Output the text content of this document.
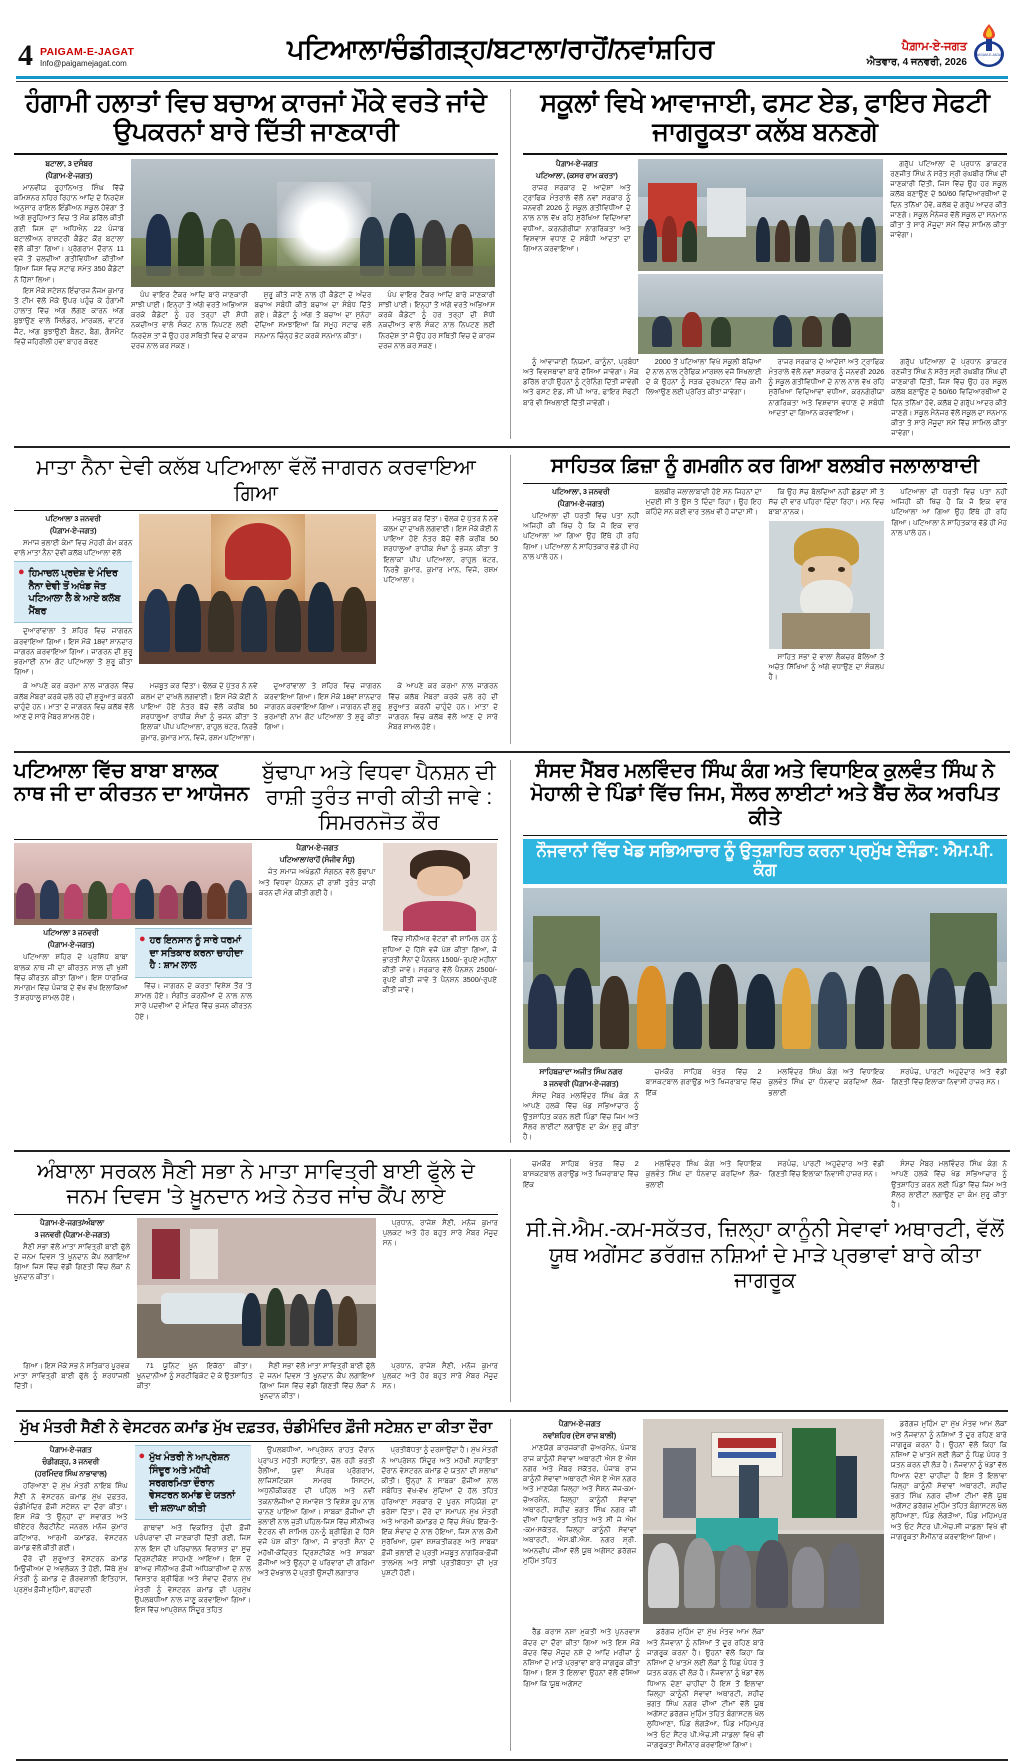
4 PAIGAM-E-JAGAT
Info@paigamejagat.com	ਪਟਿਆਲਾ/ਚੰਡੀਗੜ੍ਹ/ਬਟਾਲਾ/ਰਾਹੋਂ/ਨਵਾਂਸ਼ਹਿਰ	ਪੈਗ਼ਾਮ-ਏ-ਜਗਤ
ਐਤਵਾਰ, 4 ਜਨਵਰੀ, 2026
PAIGAM-E-JAGAT
ਹੰਗਾਮੀ ਹਲਾਤਾਂ ਵਿਚ ਬਚਾਅ ਕਾਰਜਾਂ ਮੌਕੇ ਵਰਤੇ ਜਾਂਦੇ ਉਪਕਰਨਾਂ ਬਾਰੇ ਦਿੱਤੀ ਜਾਣਕਾਰੀ
ਬਟਾਲਾ, 3 ਦਸੰਬਰ
(ਪੈਗ਼ਾਮ-ਏ-ਜਗਤ)

ਮਾਨਵੀਯ ਰੂਹਾਨਿਅਤ ਸਿੰਘ ਵਿੱਚੋਂ ਕਮਿਸ਼ਨਰ ਨਹਿਰ ਰਿਹਾਨ ਆਦਿ ਦੇ ਨਿਰਦੇਸ਼ ਅਨੁਸਾਰ ਰਾਇਲ ਇੰਡੀਅਨ ਸਕੂਲ ਹੋਵੇਗਾ ਤੋਂ ਅਗੇ ਸ਼ੁਰੂਹਿਆਤ ਵਿਚ 'ਤੇ ਮੌਕ ਡਰਿੱਲ ਕੀਤੀ ਗਈ ਜਿਸ ਦਾ ਅਧਿਐਨ 22 ਪੰਜਾਬ ਬਟਾਲੀਅਨ ਰਾਸ਼ਟਰੀ ਕੈਡੇਟ ਕੌਰ ਬਟਾਲਾ ਵੱਲੋਂ ਕੀਤਾ ਗਿਆ। ਪ੍ਰੋਗਰਾਮ ਦੌਰਾਨ 11 ਵਜੇ ਤੋਂ ਚਲਦੀਆਂ ਗਤੀਵਿਧੀਆਂ ਕੀਤੀਆਂ ਗਿਆ ਜਿਸ ਵਿਚ ਸਟਾਫ ਸਮੇਤ 350 ਕੈਡੇਟਾਂ ਨੇ ਹਿੱਸਾ ਲਿਆ।

ਇਸ ਮੌਕੇ ਸਟੇਸ਼ਨ ਇੰਚਾਰਜ ਨੌਜਮ ਕੁਮਾਰ ਤੇ ਟੀਮ ਵੱਲੋਂ ਮੌਕੇ ਉਪਰ ਪਹੁੰਚ ਕੇ ਹੰਗਾਮੀ ਹਾਲਾਤ ਵਿੱਚ ਅੱਗ ਲੱਗਣ ਕਾਰਨ ਅੱਗ ਬੁਝਾਉਣ ਵਾਲੇ ਸਿਲੰਡਰ, ਮਾਰਕਲ, ਵਾਟਰ ਜੈੱਟ, ਅੱਗ ਬੁਝਾਉਣੀ ਬੈਲਟ, ਬੈਗ, ਗੈਸਮੈਟ ਵਿਚੋਂ ਜਹਿਰੀਲੀ ਹਵਾ ਬਾਹਰ ਕੱਢਣ

ਪੰਪ ਵਾਇਰ ਟੈਂਕਰ ਆਦਿ ਬਾਰੇ ਜਾਣਕਾਰੀ ਸਾਂਝੀ ਪਾਈ। ਇਨ੍ਹਾਂ ਤੋਂ ਅੱਗੇ ਵਰਤੋਂ ਅਭਿਆਸ ਕਰਕੇ ਕੈਡੇਟਾਂ ਨੂੰ ਹਰ ਤਰ੍ਹਾਂ ਦੀ ਸ਼ੋਧੀ ਨਕਦੀਅਤ ਵਾਲੇ ਸੰਕਟ ਨਾਲ ਨਿਪਟਣ ਲਈ ਨਿਰਦੇਸ਼ ਤਾਂ ਜੋ ਉਹ ਹਰ ਸਥਿਤੀ ਵਿਚ ਦੇ ਕਾਰਜ ਦਰਜ਼ ਨਾਲ ਕਰ ਸਕਣ।

ਸ਼ੁਰੂ ਕੀਤੇ ਜਾਣੇ ਨਾਲ ਹੀ ਕੈਡੇਟਾਂ ਦੇ ਅੰਦਰ ਬਚਾਅ ਸਬੰਧੀ ਕੀਤੇ ਬਚਾਅ ਦਾ ਸੰਬੰਧ ਦਿੱਤੇ ਗਏ। ਕੈਡੇਟਾਂ ਨੂੰ ਅੱਗ ਤੋਂ ਬਚਾਅ ਦਾ ਸੁਨੇਹਾ ਦੇਂਦਿਆਂ ਸਮਝਾਇਆ ਕਿ ਸਮੂਹ ਸਟਾਫ ਵਲੋਂ ਸਨਮਾਨ ਚਿੰਨ੍ਹ ਭੇਟ ਕਰਕੇ ਸਨਮਾਨ ਕੀਤਾ।

ਪੰਪ ਵਾਇਰ ਟੈਂਕਰ ਆਦਿ ਬਾਰੇ ਜਾਣਕਾਰੀ ਸਾਂਝੀ ਪਾਈ। ਇਨ੍ਹਾਂ ਤੋਂ ਅੱਗੇ ਵਰਤੋਂ ਅਭਿਆਸ ਕਰਕੇ ਕੈਡੇਟਾਂ ਨੂੰ ਹਰ ਤਰ੍ਹਾਂ ਦੀ ਸ਼ੋਧੀ ਨਕਦੀਅਤ ਵਾਲੇ ਸੰਕਟ ਨਾਲ ਨਿਪਟਣ ਲਈ ਨਿਰਦੇਸ਼ ਤਾਂ ਜੋ ਉਹ ਹਰ ਸਥਿਤੀ ਵਿਚ ਦੇ ਕਾਰਜ ਦਰਜ਼ ਨਾਲ ਕਰ ਸਕਣ।

ਸਕੂਲਾਂ ਵਿਖੇ ਆਵਾਜਾਈ, ਫਸਟ ਏਡ, ਫਾਇਰ ਸੇਫਟੀ ਜਾਗਰੂਕਤਾ ਕਲੱਬ ਬਨਣਗੇ
ਪੈਗ਼ਾਮ-ਏ-ਜਗਤ
ਪਟਿਆਲਾ, (ਕਸਰ ਰਾਮ ਕਰਤਾ)

ਰਾਜਰ ਸਰਕਾਰ ਦੇ ਆਦੇਸ਼ਾਂ ਅਤੇ ਟ੍ਰਾਫਿਕ ਮੰਤਰਾਲੇ ਵੱਲੋਂ ਨਵਾਂ ਸਰਕਾਰ ਨੂੰ ਜਨਵਰੀ 2026 ਨੂੰ ਸਕੂਲ ਗਤੀਵਿਧੀਆਂ ਦੇ ਨਾਲ ਨਾਲ ਵੱਖ ਰਹਿ ਸੁਰੱਖਿਆ ਵਿਦਿਆਵਾਂ ਵਧੀਆ, ਕਰਨਗੇਰੀਯਾ ਨਾਗਰਿਕਤਾ ਅਤੇ ਵਿਸ਼ਵਾਸ ਵਧਾਣ ਦੇ ਸਬੰਧੀ ਆਦਤਾਂ ਦਾ ਗਿਆਨ ਕਰਵਾਇਆ।

ਗਰੁੱਪ ਪਟਿਆਲਾ ਦੇ ਪ੍ਰਧਾਨ ਡਾਕਟਰ ਰਣਜੀਤ ਸਿੰਘ ਨੇ ਸਰੋਤ ਸ੍ਰੀ ਰਘਬੀਰ ਸਿੰਘ ਦੀ ਜਾਣਕਾਰੀ ਦਿੱਤੀ, ਜਿਸ ਵਿੱਚ ਉਹ ਹਰ ਸਕੂਲ ਕਲੱਬ ਬਣਾਉਣ ਦੇ 50/60 ਵਿਦਿਆਰਥੀਆਂ ਦੇ ਦਿਨ ਤਨਿੱਖਾ ਹੋਵੇ, ਕਲੱਬ ਦੇ ਗਰੁੱਪ ਆਦਰ ਕੀਤੇ ਜਾਣਗੇ। ਸਕੂਲ ਮੈਨੇਜਰ ਵੱਲੋਂ ਸਕੂਲ ਦਾ ਸਨਮਾਨ ਕੀਤਾ ਤੇ ਸਾਰੇ ਮੌਜੂਦਾ ਸਮੇਂ ਵਿੱਚ ਸਾਮਿਲ ਕੀਤਾ ਜਾਵੇਗਾ।

ਨੂੰ ਆਵਾਜਾਈ ਨਿਯਮਾਂ, ਕਾਨੂੰਨਾਂ, ਪ੍ਰਬੰਧਾਂ ਅਤੇ ਵਿਵਸਥਾਵਾਂ ਬਾਰੇ ਦੱਸਿਆ ਜਾਵੇਗਾ। ਮੌਕ ਡਰਿੱਲ ਰਾਹੀਂ ਉਹਨਾਂ ਨੂੰ ਟ੍ਰੇਨਿੰਗ ਦਿੱਤੀ ਜਾਵੇਗੀ ਅਤੇ ਫਸਟ ਏਡ, ਸੀ ਪੀ ਆਰ, ਫਾਇਰ ਸੇਫਟੀ ਬਾਰੇ ਵੀ ਸਿਖਲਾਈ ਦਿੱਤੀ ਜਾਵੇਗੀ।

2000 ਤੋਂ ਪਟਿਆਲਾ ਵਿਖੇ ਸਕੂਲੀ ਬੱਚਿਆਂ ਦੇ ਨਾਲ ਨਾਲ ਟ੍ਰੈਫਿਕ ਮਾਰਸ਼ਲ ਵਜੋਂ ਸਿਖਲਾਈ ਦੇ ਕੇ ਉਹਨਾਂ ਨੂੰ ਸੜਕ ਦੁਰਘਟਨਾ ਵਿੱਚ ਕਮੀ ਲਿਆਉਣ ਲਈ ਪ੍ਰੇਰਿਤ ਕੀਤਾ ਜਾਵੇਗਾ।

ਰਾਜਰ ਸਰਕਾਰ ਦੇ ਆਦੇਸ਼ਾਂ ਅਤੇ ਟ੍ਰਾਫਿਕ ਮੰਤਰਾਲੇ ਵੱਲੋਂ ਨਵਾਂ ਸਰਕਾਰ ਨੂੰ ਜਨਵਰੀ 2026 ਨੂੰ ਸਕੂਲ ਗਤੀਵਿਧੀਆਂ ਦੇ ਨਾਲ ਨਾਲ ਵੱਖ ਰਹਿ ਸੁਰੱਖਿਆ ਵਿਦਿਆਵਾਂ ਵਧੀਆ, ਕਰਨਗੇਰੀਯਾ ਨਾਗਰਿਕਤਾ ਅਤੇ ਵਿਸ਼ਵਾਸ ਵਧਾਣ ਦੇ ਸਬੰਧੀ ਆਦਤਾਂ ਦਾ ਗਿਆਨ ਕਰਵਾਇਆ।

ਗਰੁੱਪ ਪਟਿਆਲਾ ਦੇ ਪ੍ਰਧਾਨ ਡਾਕਟਰ ਰਣਜੀਤ ਸਿੰਘ ਨੇ ਸਰੋਤ ਸ੍ਰੀ ਰਘਬੀਰ ਸਿੰਘ ਦੀ ਜਾਣਕਾਰੀ ਦਿੱਤੀ, ਜਿਸ ਵਿੱਚ ਉਹ ਹਰ ਸਕੂਲ ਕਲੱਬ ਬਣਾਉਣ ਦੇ 50/60 ਵਿਦਿਆਰਥੀਆਂ ਦੇ ਦਿਨ ਤਨਿੱਖਾ ਹੋਵੇ, ਕਲੱਬ ਦੇ ਗਰੁੱਪ ਆਦਰ ਕੀਤੇ ਜਾਣਗੇ। ਸਕੂਲ ਮੈਨੇਜਰ ਵੱਲੋਂ ਸਕੂਲ ਦਾ ਸਨਮਾਨ ਕੀਤਾ ਤੇ ਸਾਰੇ ਮੌਜੂਦਾ ਸਮੇਂ ਵਿੱਚ ਸਾਮਿਲ ਕੀਤਾ ਜਾਵੇਗਾ।

ਮਾਤਾ ਨੈਨਾ ਦੇਵੀ ਕਲੱਬ ਪਟਿਆਲਾ ਵੱਲੋਂ ਜਾਗਰਨ ਕਰਵਾਇਆ ਗਿਆ
ਪਟਿਆਲਾ 3 ਜਨਵਰੀ
(ਪੈਗ਼ਾਮ-ਏ-ਜਗਤ)

ਸਮਾਜ ਭਲਾਈ ਕੰਮਾਂ ਵਿਚ ਮੋਹਰੀ ਕੰਮ ਕਰਨ ਵਾਲੇ ਮਾਤਾ ਨੈਨਾ ਦੇਵੀ ਕਲੱਬ ਪਟਿਆਲਾ ਵੱਲੋਂ

● ਹਿਮਾਚਲ ਪ੍ਰਦੇਸ਼ ਦੇ ਮੰਦਿਰ ਨੈਨਾ ਦੇਵੀ ਤੋਂ ਅਖੰਡ ਜੋਤ ਪਟਿਆਲਾ ਲੈ ਕੇ ਆਏ ਕਲੱਬ ਮੈਂਬਰ

ਦੁਆਰਾਂਵਾਲਾ ਤੇ ਸ਼ਹਿਰ ਵਿਚ ਜਾਗਰਨ ਕਰਵਾਇਆ ਗਿਆ। ਇਸ ਮੌਕੇ 18ਵਾਂ ਸ਼ਾਨਦਾਰ ਜਾਗਰਨ ਕਰਵਾਇਆ ਗਿਆ। ਜਾਗਰਨ ਦੀ ਸ਼ੁਰੂ ਭਰਮਾਈ ਨਾਮ ਗੋਟ ਪਟਿਆਲਾ ਤੋਂ ਸ਼ੁਰੂ ਕੀਤਾ ਗਿਆ।

ਮਜ਼ਬੂਤ ਕਰ ਦਿੱਤਾ। ਢੋਲਕ ਦੇ ਪੁੱਤਰ ਨੇ ਨਵੇਂ ਕਲਮ ਦਾ ਦਾਖਲੇ ਲਗਵਾਈ। ਇਸ ਮੌਕੇ ਕੋਈ ਨੇ ਪਾਇਆ ਹੋਏ ਨੇਤਰ ਬੱਚੇ ਵੱਲੋਂ ਕਰੀਬ 50 ਸ਼ਰਧਾਲੂਆਂ ਰਾਧੀਕ ਸੰਖਾਂ ਨੂੰ ਭਜਨ ਕੀਤਾ ਤੇ ਇਲਾਕਾ ਪੀਪ ਪਟਿਆਲਾ, ਰਾਹੁਲ ਖੱਟਰ, ਨਿਰਭੈ ਕੁਮਾਰ, ਕੁਮਾਰ ਮਾਨ, ਵਿਜੇ, ਰਸ਼ਮ ਪਟਿਆਲਾ।

ਕੇ ਆਪਣੇ ਕਰ ਕਰਮਾ ਨਾਲ ਜਾਗਰਨ ਵਿੱਚ ਕਲੱਬ ਮੈਂਬਰਾਂ ਕਰਕੇ ਚਲੇ ਰਹੇ ਦੀ ਸ਼ੁਰੂਆਤ ਕਰਨੀ ਚਾਹੁੰਦੇ ਹਨ। ਮਾਤਾ ਦੇ ਜਾਗਰਨ ਵਿਚ ਕਲੱਬ ਵੱਲੋਂ ਆਣ ਦੇ ਸਾਰੇ ਮੈਂਬਰ ਸ਼ਾਮਲ ਹੋਏ।

ਮਜ਼ਬੂਤ ਕਰ ਦਿੱਤਾ। ਢੋਲਕ ਦੇ ਪੁੱਤਰ ਨੇ ਨਵੇਂ ਕਲਮ ਦਾ ਦਾਖਲੇ ਲਗਵਾਈ। ਇਸ ਮੌਕੇ ਕੋਈ ਨੇ ਪਾਇਆ ਹੋਏ ਨੇਤਰ ਬੱਚੇ ਵੱਲੋਂ ਕਰੀਬ 50 ਸ਼ਰਧਾਲੂਆਂ ਰਾਧੀਕ ਸੰਖਾਂ ਨੂੰ ਭਜਨ ਕੀਤਾ ਤੇ ਇਲਾਕਾ ਪੀਪ ਪਟਿਆਲਾ, ਰਾਹੁਲ ਖੱਟਰ, ਨਿਰਭੈ ਕੁਮਾਰ, ਕੁਮਾਰ ਮਾਨ, ਵਿਜੇ, ਰਸ਼ਮ ਪਟਿਆਲਾ।

ਦੁਆਰਾਂਵਾਲਾ ਤੇ ਸ਼ਹਿਰ ਵਿਚ ਜਾਗਰਨ ਕਰਵਾਇਆ ਗਿਆ। ਇਸ ਮੌਕੇ 18ਵਾਂ ਸ਼ਾਨਦਾਰ ਜਾਗਰਨ ਕਰਵਾਇਆ ਗਿਆ। ਜਾਗਰਨ ਦੀ ਸ਼ੁਰੂ ਭਰਮਾਈ ਨਾਮ ਗੋਟ ਪਟਿਆਲਾ ਤੋਂ ਸ਼ੁਰੂ ਕੀਤਾ ਗਿਆ।

ਕੇ ਆਪਣੇ ਕਰ ਕਰਮਾ ਨਾਲ ਜਾਗਰਨ ਵਿੱਚ ਕਲੱਬ ਮੈਂਬਰਾਂ ਕਰਕੇ ਚਲੇ ਰਹੇ ਦੀ ਸ਼ੁਰੂਆਤ ਕਰਨੀ ਚਾਹੁੰਦੇ ਹਨ। ਮਾਤਾ ਦੇ ਜਾਗਰਨ ਵਿਚ ਕਲੱਬ ਵੱਲੋਂ ਆਣ ਦੇ ਸਾਰੇ ਮੈਂਬਰ ਸ਼ਾਮਲ ਹੋਏ।

ਸਾਹਿਤਕ ਫ਼ਿਜ਼ਾ ਨੂੰ ਗਮਗੀਨ ਕਰ ਗਿਆ ਬਲਬੀਰ ਜਲਾਲਾਬਾਦੀ
ਪਟਿਆਲਾ, 3 ਜਨਵਰੀ
(ਪੈਗ਼ਾਮ-ਏ-ਜਗਤ)

ਪਟਿਆਲਾ ਦੀ ਧਰਤੀ ਵਿਚ ਪਤਾ ਨਹੀਂ ਅਜਿਹੀ ਕੀ ਖਿੱਚ ਹੈ ਕਿ ਜੋ ਇਕ ਵਾਰ ਪਟਿਆਲਾ ਆ ਗਿਆ ਉਹ ਇੱਥੇ ਹੀ ਰਹਿ ਗਿਆ। ਪਟਿਆਲਾ ਨੇ ਸਾਹਿਤਕਾਰ ਵੱਡੇ ਹੀ ਮੋਹ ਨਾਲ ਪਾਲੇ ਹਨ।

ਬਲਬੀਰ ਜਲਾਲਾਬਾਦੀ ਹੋਏ ਸਨ ਜਿਹਨਾਂ ਦਾ ਮੁਦਈ ਸੀ ਤੇ ਉਸ ਤੇ ਦਿੰਦਾ ਰਿਹਾ। ਉਹ ਇਹ ਕਹਿੰਦੇ ਸਨ ਕਈ ਵਾਰ ਤਲਖ਼ ਵੀ ਹੋ ਜਾਂਦਾ ਸੀ।

ਕਿ ਉਹ ਸੱਚ ਬੋਲਦਿਆਂ ਨਹੀਂ ਛੱਡਦਾ ਸੀ ਤੇ ਸੱਚ ਦੀ ਵਾਰ ਪਹਿਰਾ ਦਿੰਦਾ ਰਿਹਾ। ਮਨ ਵਿਚ ਬਾਬਾ ਨਾਨਕ।

ਸਾਹਿਤ ਸਭਾ ਦੇ ਵਾਲਾ ਲੈਕਚਰ ਬੋਲਿਆਂ ਤੋਂ ਅਚੇਤ ਸਿੱਖਿਆ ਨੂੰ ਅੱਗੇ ਵਧਾਉਣ ਦਾ ਸੰਕਲਪ ਹੈ।

ਪਟਿਆਲਾ ਦੀ ਧਰਤੀ ਵਿਚ ਪਤਾ ਨਹੀਂ ਅਜਿਹੀ ਕੀ ਖਿੱਚ ਹੈ ਕਿ ਜੋ ਇਕ ਵਾਰ ਪਟਿਆਲਾ ਆ ਗਿਆ ਉਹ ਇੱਥੇ ਹੀ ਰਹਿ ਗਿਆ। ਪਟਿਆਲਾ ਨੇ ਸਾਹਿਤਕਾਰ ਵੱਡੇ ਹੀ ਮੋਹ ਨਾਲ ਪਾਲੇ ਹਨ।

ਪਟਿਆਲਾ ਵਿੱਚ ਬਾਬਾ ਬਾਲਕ ਨਾਥ ਜੀ ਦਾ ਕੀਰਤਨ ਦਾ ਆਯੋਜਨ
ਬੁੱਢਾਪਾ ਅਤੇ ਵਿਧਵਾ ਪੈਨਸ਼ਨ ਦੀ ਰਾਸ਼ੀ ਤੁਰੰਤ ਜਾਰੀ ਕੀਤੀ ਜਾਵੇ : ਸਿਮਰਨਜੋਤ ਕੌਰ
ਪਟਿਆਲਾ 3 ਜਨਵਰੀ
(ਪੈਗ਼ਾਮ-ਏ-ਜਗਤ)

ਪਟਿਆਲਾ ਸ਼ਹਿਰ ਦੇ ਪ੍ਰਸਿੱਧ ਬਾਬਾ ਬਾਲਕ ਨਾਥ ਜੀ ਦਾ ਕੀਰਤਨ ਸਾਲ ਦੀ ਖੁਸ਼ੀ ਵਿੱਚ ਕੀਰਤਨ ਕੀਤਾ ਗਿਆ। ਇਸ ਧਾਰਮਿਕ ਸਮਾਗਮ ਵਿੱਚ ਪੰਜਾਬ ਦੇ ਵੱਖ ਵੱਖ ਇਲਾਕਿਆਂ ਤੋਂ ਸ਼ਰਧਾਲੂ ਸ਼ਾਮਲ ਹੋਏ।

● ਹਰ ਇਨਸਾਨ ਨੂੰ ਸਾਰੇ ਧਰਮਾਂ ਦਾ ਸਤਿਕਾਰ ਕਰਨਾ ਚਾਹੀਦਾ ਹੈ : ਸ਼ਾਮ ਲਾਲ

ਵਿੱਚ। ਜਾਗਰਨ ਦੇ ਕਰਤਾ ਵਿਸ਼ੇਸ਼ ਤੌਰ 'ਤੇ ਸ਼ਾਮਲ ਹੋਏ। ਸੰਗੀਤ ਕਰਨੀਆਂ ਦੇ ਨਾਲ ਨਾਲ ਸਾਰੇ ਪਦਵੀਆਂ ਦੇ ਮੰਦਿਰ ਵਿੱਚ ਭਜਨ ਕੀਰਤਨ ਹੋਏ।

ਪੈਗ਼ਾਮ-ਏ-ਜਗਤ
ਪਟਿਆਲਾ/ਰਾਹੋਂ (ਸੰਜੀਵ ਸੰਧੂ)

ਜੰਤ ਸਮਾਜ ਅਖੰਡਨੀ ਸੰਗਠਨ ਵੱਲੋਂ ਬੁੱਢਾਪਾ ਅਤੇ ਵਿਧਵਾ ਪੈਨਸ਼ਨ ਦੀ ਰਾਸ਼ੀ ਤੁਰੰਤ ਜਾਰੀ ਕਰਨ ਦੀ ਮੰਗ ਕੀਤੀ ਗਈ ਹੈ।

ਵਿੱਚ ਸੀਨੀਅਰ ਵੋਟਰਾਂ ਵੀ ਸ਼ਾਮਿਲ ਹਨ ਨੂੰ ਸ਼ੁਧਿਆ ਦੇ ਹਿੱਸੇ ਵਜੋਂ ਪੇਸ਼ ਕੀਤਾ ਗਿਆ, ਜੋ ਭਾਰਤੀ ਸੈਨਾ ਦੇ ਪੈਨਸ਼ਨ 1500/- ਰੁਪਏ ਮਹੀਨਾ ਕੀਤੀ ਜਾਵੇ। ਸਰਕਾਰ ਵੱਲੋਂ ਪੈਨਸ਼ਨ 2500/- ਰੁਪਏ ਕੀਤੀ ਜਾਵੇ ਤੇ ਪੈਨਸ਼ਨ 3500/-ਰੁਪਏ ਕੀਤੀ ਜਾਵੇ।

ਸੰਸਦ ਮੈਂਬਰ ਮਲਵਿੰਦਰ ਸਿੰਘ ਕੰਗ ਅਤੇ ਵਿਧਾਇਕ ਕੁਲਵੰਤ ਸਿੰਘ ਨੇ ਮੋਹਾਲੀ ਦੇ ਪਿੰਡਾਂ ਵਿੱਚ ਜਿਮ, ਸੌਲਰ ਲਾਈਟਾਂ ਅਤੇ ਬੈਂਚ ਲੋਕ ਅਰਪਿਤ ਕੀਤੇ
ਨੌਜਵਾਨਾਂ ਵਿੱਚ ਖੇਡ ਸਭਿਆਚਾਰ ਨੂੰ ਉਤਸ਼ਾਹਿਤ ਕਰਨਾ ਪ੍ਰਮੁੱਖ ਏਜੰਡਾ: ਐਮ.ਪੀ. ਕੰਗ
ਸਾਹਿਬਜ਼ਾਦਾ ਅਜੀਤ ਸਿੰਘ ਨਗਰ
3 ਜਨਵਰੀ (ਪੈਗ਼ਾਮ-ਏ-ਜਗਤ)

ਸੰਸਦ ਮੈਂਬਰ ਮਲਵਿੰਦਰ ਸਿੰਘ ਕੰਗ ਨੇ ਆਪਣੇ ਹਲਕੇ ਵਿੱਚ ਖੇਡ ਸਭਿਆਚਾਰ ਨੂੰ ਉਤਸ਼ਾਹਿਤ ਕਰਨ ਲਈ ਪਿੰਡਾਂ ਵਿੱਚ ਜਿਮ ਅਤੇ ਸੌਲਰ ਲਾਈਟਾਂ ਲਗਾਉਣ ਦਾ ਕੰਮ ਸ਼ੁਰੂ ਕੀਤਾ ਹੈ।

ਚਮਕੌਰ ਸਾਹਿਬ ਖੇਤਰ ਵਿੱਚ 2 ਬਾਸਕਟਬਾਲ ਗਰਾਉਂਡ ਅਤੇ ਖਿਜਰਾਬਾਦ ਵਿੱਚ ਇੱਕ

ਮਲਵਿੰਦਰ ਸਿੰਘ ਕੰਗ ਅਤੇ ਵਿਧਾਇਕ ਕੁਲਵੰਤ ਸਿੰਘ ਦਾ ਧੰਨਵਾਦ ਕਰਦਿਆਂ ਲੋਕ-ਭਲਾਈ

ਸਰਪੰਚ, ਪਾਰਟੀ ਅਹੁਦੇਦਾਰ ਅਤੇ ਵੱਡੀ ਗਿਣਤੀ ਵਿੱਚ ਇਲਾਕਾ ਨਿਵਾਸੀ ਹਾਜ਼ਰ ਸਨ।

ਅੰਬਾਲਾ ਸਰਕਲ ਸੈਣੀ ਸਭਾ ਨੇ ਮਾਤਾ ਸਾਵਿਤ੍ਰੀ ਬਾਈ ਫੁੱਲੇ ਦੇ ਜਨਮ ਦਿਵਸ 'ਤੇ ਖ਼ੂਨਦਾਨ ਅਤੇ ਨੇਤਰ ਜਾਂਚ ਕੈਂਪ ਲਾਏ
ਪੈਗ਼ਾਮ-ਏ-ਜਗਤ/ਅੰਬਾਲਾ
3 ਜਨਵਰੀ (ਪੈਗ਼ਾਮ-ਏ-ਜਗਤ)

ਸੈਣੀ ਸਭਾ ਵੱਲੋਂ ਮਾਤਾ ਸਾਵਿਤ੍ਰੀ ਬਾਈ ਫੁੱਲੇ ਦੇ ਜਨਮ ਦਿਵਸ 'ਤੇ ਖੂਨਦਾਨ ਕੈਂਪ ਲਗਾਇਆ ਗਿਆ ਜਿਸ ਵਿੱਚ ਵੱਡੀ ਗਿਣਤੀ ਵਿੱਚ ਲੋਕਾਂ ਨੇ ਖੂਨਦਾਨ ਕੀਤਾ।

ਪ੍ਰਧਾਨ, ਰਾਜੇਸ਼ ਸੈਣੀ, ਮਨੋਜ ਕੁਮਾਰ ਪੁਲਕਟ ਅਤੇ ਹੋਰ ਬਹੁਤ ਸਾਰੇ ਮੈਂਬਰ ਮੌਜੂਦ ਸਨ।

ਗਿਆ। ਇਸ ਮੌਕੇ ਸਭ ਨੇ ਸਤਿਕਾਰ ਪੂਰਵਕ ਮਾਤਾ ਸਾਵਿਤ੍ਰੀ ਬਾਈ ਫੁੱਲੇ ਨੂੰ ਸ਼ਰਧਾਂਜਲੀ ਦਿੱਤੀ।

71 ਯੂਨਿਟ ਖੂਨ ਇਕੱਠਾ ਕੀਤਾ। ਖੂਨਦਾਨੀਆਂ ਨੂੰ ਸਰਟੀਫਿਕੇਟ ਦੇ ਕੇ ਉਤਸ਼ਾਹਿਤ ਕੀਤਾ

ਸੈਣੀ ਸਭਾ ਵੱਲੋਂ ਮਾਤਾ ਸਾਵਿਤ੍ਰੀ ਬਾਈ ਫੁੱਲੇ ਦੇ ਜਨਮ ਦਿਵਸ 'ਤੇ ਖੂਨਦਾਨ ਕੈਂਪ ਲਗਾਇਆ ਗਿਆ ਜਿਸ ਵਿੱਚ ਵੱਡੀ ਗਿਣਤੀ ਵਿੱਚ ਲੋਕਾਂ ਨੇ ਖੂਨਦਾਨ ਕੀਤਾ।

ਪ੍ਰਧਾਨ, ਰਾਜੇਸ਼ ਸੈਣੀ, ਮਨੋਜ ਕੁਮਾਰ ਪੁਲਕਟ ਅਤੇ ਹੋਰ ਬਹੁਤ ਸਾਰੇ ਮੈਂਬਰ ਮੌਜੂਦ ਸਨ।

ਚਮਕੌਰ ਸਾਹਿਬ ਖੇਤਰ ਵਿੱਚ 2 ਬਾਸਕਟਬਾਲ ਗਰਾਉਂਡ ਅਤੇ ਖਿਜਰਾਬਾਦ ਵਿੱਚ ਇੱਕ

ਮਲਵਿੰਦਰ ਸਿੰਘ ਕੰਗ ਅਤੇ ਵਿਧਾਇਕ ਕੁਲਵੰਤ ਸਿੰਘ ਦਾ ਧੰਨਵਾਦ ਕਰਦਿਆਂ ਲੋਕ-ਭਲਾਈ

ਸਰਪੰਚ, ਪਾਰਟੀ ਅਹੁਦੇਦਾਰ ਅਤੇ ਵੱਡੀ ਗਿਣਤੀ ਵਿੱਚ ਇਲਾਕਾ ਨਿਵਾਸੀ ਹਾਜ਼ਰ ਸਨ।

ਸੰਸਦ ਮੈਂਬਰ ਮਲਵਿੰਦਰ ਸਿੰਘ ਕੰਗ ਨੇ ਆਪਣੇ ਹਲਕੇ ਵਿੱਚ ਖੇਡ ਸਭਿਆਚਾਰ ਨੂੰ ਉਤਸ਼ਾਹਿਤ ਕਰਨ ਲਈ ਪਿੰਡਾਂ ਵਿੱਚ ਜਿਮ ਅਤੇ ਸੌਲਰ ਲਾਈਟਾਂ ਲਗਾਉਣ ਦਾ ਕੰਮ ਸ਼ੁਰੂ ਕੀਤਾ ਹੈ।

ਸੀ.ਜੇ.ਐਮ.-ਕਮ-ਸਕੱਤਰ, ਜ਼ਿਲ੍ਹਾ ਕਾਨੂੰਨੀ ਸੇਵਾਵਾਂ ਅਥਾਰਟੀ, ਵੱਲੋਂ ਯੂਥ ਅਗੇਂਸਟ ਡਰੱਗਜ਼ ਨਸ਼ਿਆਂ ਦੇ ਮਾੜੇ ਪ੍ਰਭਾਵਾਂ ਬਾਰੇ ਕੀਤਾ ਜਾਗਰੂਕ
ਮੁੱਖ ਮੰਤਰੀ ਸੈਣੀ ਨੇ ਵੇਸਟਰਨ ਕਮਾਂਡ ਮੁੱਖ ਦਫ਼ਤਰ, ਚੰਡੀਮੰਦਿਰ ਫ਼ੌਜੀ ਸਟੇਸ਼ਨ ਦਾ ਕੀਤਾ ਦੌਰਾ
ਪੈਗ਼ਾਮ-ਏ-ਜਗਤ
ਚੰਡੀਗੜ੍ਹ, 3 ਜਨਵਰੀ
(ਹਰਮਿੰਦਰ ਸਿੰਘ ਨਾਭਾਵਾਲ)

ਹਰਿਆਣਾ ਦੇ ਮੁੱਖ ਮੰਤਰੀ ਨਾਇਬ ਸਿੰਘ ਸੈਣੀ ਨੇ ਵੇਸਟਰਨ ਕਮਾਂਡ ਮੁੱਖ ਦਫ਼ਤਰ, ਚੰਡੀਮੰਦਿਰ ਫ਼ੌਜੀ ਸਟੇਸ਼ਨ ਦਾ ਦੌਰਾ ਕੀਤਾ। ਇਸ ਮੌਕੇ 'ਤੇ ਉਨ੍ਹਾਂ ਦਾ ਸਵਾਗਤ ਅਤੇ ਥੀਏਟਰ ਲੈਫਟੀਨੈਂਟ ਜਨਰਲ ਮਨੋਜ ਕੁਮਾਰ ਕਟਿਆਰ, ਆਰਮੀ ਕਮਾਂਡਰ, ਵੇਸਟਰਨ ਕਮਾਂਡ ਵੱਲੋਂ ਕੀਤੀ ਗਈ।

ਦੌਰੇ ਦੀ ਸ਼ੁਰੂਆਤ ਵੇਸਟਰਨ ਕਮਾਂਡ ਮਿਊਜ਼ੀਅਮ ਦੇ ਅਵਲੋਕਨ ਤੋਂ ਹੋਈ, ਜਿੱਥੇ ਮੁੱਖ ਮੰਤਰੀ ਨੂੰ ਕਮਾਂਡ ਦੇ ਗੌਰਵਸ਼ਾਲੀ ਇਤਿਹਾਸ, ਪ੍ਰਮੁੱਖ ਫ਼ੌਜੀ ਮੁਹਿੰਮਾਂ, ਬਹਾਦਰੀ

● ਮੁੱਖ ਮੰਤਰੀ ਨੇ ਆਪ੍ਰੇਸ਼ਨ ਸਿੰਦੂਰ ਅਤੇ ਮਹੱਖੀ ਸਰਗਰਮਿਤਾ ਦੌਰਾਨ ਵੇਸਟਰਨ ਕਮਾਂਡ ਦੇ ਯਤਨਾਂ ਦੀ ਸ਼ਲਾਘਾ ਕੀਤੀ

ਗਾਥਾਵਾਂ ਅਤੇ ਵਿਕਸਿਤ ਹੁੰਦੀ ਫ਼ੌਜੀ ਪਰੰਪਰਾਵਾਂ ਦੀ ਜਾਣਕਾਰੀ ਦਿੱਤੀ ਗਈ, ਜਿਸ ਨਾਲ ਇਸ ਦੀ ਪਰਿਚਾਲਨ ਵਿਰਾਸਤ ਦਾ ਸੂਚ ਦ੍ਰਿਸ਼ਟੀਕੋਣ ਸਾਹਮਣੇ ਆਇਆ। ਇਸ ਦੇ ਬਾਅਦ ਸੀਨੀਅਰ ਫ਼ੌਜੀ ਅਧਿਕਾਰੀਆਂ ਦੇ ਨਾਲ ਵਿਸਤਾਰ ਬ੍ਰੀਫਿੰਗ ਅਤੇ ਸੰਵਾਦ ਦੌਰਾਨ ਮੁੱਖ ਮੰਤਰੀ ਨੂੰ ਵੇਸਟਰਨ ਕਮਾਂਡ ਦੀ ਪ੍ਰਮੁੱਖ ਉਪਲਬਧੀਆਂ ਨਾਲ ਜਾਣੂ ਕਰਵਾਇਆ ਗਿਆ। ਇਸ ਵਿੱਚ ਆਪ੍ਰੇਸ਼ਨ ਸਿੰਦੂਰ ਤਹਿਤ

ਉਪਲਬਧੀਆਂ, ਆਪ੍ਰੇਸ਼ਨ ਰਾਹਤ ਦੌਰਾਨ ਪ੍ਰਾਪਤ ਮਹੱਤੀ ਸਹਾਇਤਾ, ਚੱਲ ਰਹੀ ਭਰਤੀ ਰੈਲੀਆਂ, ਯੁਵਾ ਸੰਪਰਕ ਪ੍ਰੋਗਰਾਮ, ਲਾਜਿਸਟਿਕਸ ਸਮਰਥ ਸਿਸਟਮ, ਅਧੁਨੀਕੀਕਰਣ ਦੀ ਪਹਿਲ ਅਤੇ ਨਵੀਂ ਤਕਨਾਲੋਜੀਆਂ ਦੇ ਸਮਾਵੇਸ਼ 'ਤੇ ਵਿਸ਼ੇਸ਼ ਰੂਪ ਨਾਲ ਚਾਨਣ ਪਾਇਆ ਗਿਆ। ਸਾਬਕਾ ਫ਼ੌਜੀਆਂ ਦੀ ਭਲਾਈ ਨਾਲ ਜੁੜੀ ਪਹਿਲ-ਜਿਸ ਵਿੱਚ ਸੀਨੀਅਰ ਵੈਟਰਨ ਵੀ ਸ਼ਾਮਿਲ ਹਨ-ਨੂੰ ਬ੍ਰੀਫਿੰਗ ਦੇ ਹਿੱਸੇ ਵਜੋਂ ਪੇਸ਼ ਕੀਤਾ ਗਿਆ, ਜੋ ਭਾਰਤੀ ਸੈਨਾ ਦੇ ਮਹੱਖੀ-ਕੇਂਦ੍ਰਿਤ ਦ੍ਰਿਸ਼ਟੀਕੋਣ ਅਤੇ ਸਾਬਕਾ ਫ਼ੌਜੀਆਂ ਅਤੇ ਉਨ੍ਹਾਂ ਦੇ ਪਰਿਵਾਰਾਂ ਦੀ ਗਰਿਮਾ ਅਤੇ ਦੇਖਭਾਲ ਦੇ ਪ੍ਰਤੀ ਉਸਦੀ ਲਗਾਤਾਰ

ਪ੍ਰਤੀਬੱਧਤਾ ਨੂੰ ਦਰਸਾਉਂਦਾ ਹੈ। ਮੁੱਖ ਮੰਤਰੀ ਨੇ ਆਪ੍ਰੇਸ਼ਨ ਸਿੰਦੂਰ ਅਤੇ ਮਹੱਖੀ ਸਹਾਇਤਾ ਦੌਰਾਨ ਵੇਸਟਰਨ ਕਮਾਂਡ ਦੇ ਯਤਨਾਂ ਦੀ ਸ਼ਲਾਘਾ ਕੀਤੀ। ਉਨ੍ਹਾਂ ਨੇ ਸਾਬਕਾ ਫ਼ੌਜੀਆਂ ਨਾਲ ਸਬੰਧਿਤ ਵੱਖ-ਵੱਖ ਮੁੱਦਿਆਂ ਦੇ ਹੱਲ ਤਹਿਤ ਹਰਿਆਣਾ ਸਰਕਾਰ ਦੇ ਪੂਰਨ ਸਹਿਯੋਗ ਦਾ ਭਰੋਸਾ ਦਿੱਤਾ। ਦੌਰੇ ਦਾ ਸਮਾਪਨ ਮੁੱਖ ਮੰਤਰੀ ਅਤੇ ਆਰਮੀ ਕਮਾਂਡਰ ਦੇ ਵਿੱਚ ਸੰਖੇਪ ਇੱਕ-ਤੋਂ-ਇੱਕ ਸੰਵਾਦ ਦੇ ਨਾਲ ਹੋਇਆ, ਜਿਸ ਨਾਲ ਕੌਮੀ ਸੁਰੱਖਿਆ, ਯੁਵਾ ਸ਼ਸਕਤੀਕਰਣ ਅਤੇ ਸਾਬਕਾ ਫ਼ੌਜੀ ਭਲਾਈ ਦੇ ਪ੍ਰਤੀ ਮਜ਼ਬੂਤ ਨਾਗਰਿਕ-ਫ਼ੌਜੀ ਤਾਲਮੇਲ ਅਤੇ ਸਾਂਝੀ ਪ੍ਰਤੀਬੱਧਤਾ ਦੀ ਮੁੜ ਪੁਸ਼ਟੀ ਹੋਈ।

ਪੈਗ਼ਾਮ-ਏ-ਜਗਤ
ਨਵਾਂਸ਼ਹਿਰ (ਦੇਸ ਰਾਜ ਬਾਲੀ)

ਮਾਣਯੋਗ ਕਾਰਜਕਾਰੀ ਚੇਅਰਮੈਨ, ਪੰਜਾਬ ਰਾਜ ਕਾਨੂੰਨੀ ਸੇਵਾਵਾਂ ਅਥਾਰਟੀ ਐਸ ਏ ਐਸ ਨਗਰ ਅਤੇ ਮੈਂਬਰ ਸਕੱਤਰ, ਪੰਜਾਬ ਰਾਜ ਕਾਨੂੰਨੀ ਸੇਵਾਵਾਂ ਅਥਾਰਟੀ ਐਸ ਏ ਐਸ ਨਗਰ ਅਤੇ ਮਾਣਯੋਗ ਜ਼ਿਲ੍ਹਾ ਅਤੇ ਸੈਸ਼ਨ ਜੱਜ-ਕਮ-ਚੇਅਰਮੈਨ, ਜ਼ਿਲ੍ਹਾ ਕਾਨੂੰਨੀ ਸੇਵਾਵਾਂ ਅਥਾਰਟੀ, ਸ਼ਹੀਦ ਭਗਤ ਸਿੰਘ ਨਗਰ ਜੀ ਦੀਆਂ ਹਿਦਾਇਤਾਂ ਤਹਿਤ ਅਤੇ ਸੀ ਜੇ ਐਮ -ਕਮ-ਸਕੱਤਰ, ਜ਼ਿਲ੍ਹਾ ਕਾਨੂੰਨੀ ਸੇਵਾਵਾਂ ਅਥਾਰਟੀ, ਐਸ.ਬੀ.ਐਸ. ਨਗਰ ਸ਼੍ਰੀ. ਅਮਨਦੀਪ ਜੀਆਂ ਵੱਲੋਂ ਯੂਥ ਅਗੇਂਸਟ ਡਰੱਗਜ਼ ਮੁਹਿੰਮ ਤਹਿਤ

ਡਰੱਗਜ਼ ਮੁਹਿੰਮ ਦਾ ਮੁੱਖ ਮੰਤਵ ਆਮ ਲੋਕਾਂ ਅਤੇ ਨੌਜਵਾਨਾਂ ਨੂੰ ਨਸ਼ਿਆਂ ਤੋਂ ਦੂਰ ਰਹਿਣ ਬਾਰੇ ਜਾਗਰੂਕ ਕਰਨਾ ਹੈ। ਉਹਨਾਂ ਵੱਲੋਂ ਕਿਹਾ ਕਿ ਨਸ਼ਿਆਂ ਦੇ ਖਾਤਮੇ ਲਈ ਲੋਕਾਂ ਨੂੰ ਪਿੱਛ ਪੰਧਰ ਤੇ ਯਤਨ ਕਰਨ ਦੀ ਲੋੜ ਹੈ। ਨੌਜਵਾਨਾਂ ਨੂੰ ਖੇਡਾਂ ਵੱਲ ਧਿਆਨ ਦੇਣਾ ਚਾਹੀਦਾ ਹੈ ਇਸ ਤੋਂ ਇਲਾਵਾ ਜ਼ਿਲ੍ਹਾ ਕਾਨੂੰਨੀ ਸੇਵਾਵਾਂ ਅਥਾਰਟੀ, ਸ਼ਹੀਦ ਭਗਤ ਸਿੰਘ ਨਗਰ ਦੀਆਂ ਟੀਮਾਂ ਵੱਲੋਂ ਯੂਥ ਅਗੇਂਸਟ ਡਰੱਗਜ਼ ਮੁਹਿੰਮ ਤਹਿਤ ਬੰਗਾਸਟਲ ਖੇਲ ਲੁਧਿਆਣਾ, ਪਿੰਡ ਲੰਗੜੋਆ, ਪਿੰਡ ਮਹਿਮਪੁਰ ਅਤੇ ਓਟ ਸੈਂਟਰ ਪੀ.ਐਚ.ਸੀ ਜਾਡਲਾ ਵਿਖੇ ਵੀ ਜਾਗਰੂਕਤਾ ਸੈਮੀਨਾਰ ਕਰਵਾਇਆ ਗਿਆ।

ਰੈੱਡ ਕਰਾਸ ਨਸ਼ਾ ਮੁਕਤੀ ਅਤੇ ਪੁਨਰਵਾਸ ਕੇਂਦਰ ਦਾ ਦੌਰਾ ਕੀਤਾ ਗਿਆ ਅਤੇ ਇਸ ਮੌਕੇ ਕੇਂਦਰ ਵਿੱਚ ਮੌਜੂਦ ਨਸ਼ੇ ਦੇ ਆਦਿ ਮਰੀਜ਼ਾਂ ਨੂੰ ਨਸ਼ਿਆਂ ਦੇ ਮਾੜੇ ਪ੍ਰਭਾਵਾਂ ਬਾਰੇ ਜਾਗਰੂਕ ਕੀਤਾ ਗਿਆ। ਇਸ ਤੋਂ ਇਲਾਵਾ ਉਹਨਾਂ ਵੱਲੋਂ ਦੱਸਿਆ ਗਿਆ ਕਿ 'ਯੂਥ ਅਗੇਂਸਟ

ਡਰੱਗਜ਼ ਮੁਹਿੰਮ ਦਾ ਮੁੱਖ ਮੰਤਵ ਆਮ ਲੋਕਾਂ ਅਤੇ ਨੌਜਵਾਨਾਂ ਨੂੰ ਨਸ਼ਿਆਂ ਤੋਂ ਦੂਰ ਰਹਿਣ ਬਾਰੇ ਜਾਗਰੂਕ ਕਰਨਾ ਹੈ। ਉਹਨਾਂ ਵੱਲੋਂ ਕਿਹਾ ਕਿ ਨਸ਼ਿਆਂ ਦੇ ਖਾਤਮੇ ਲਈ ਲੋਕਾਂ ਨੂੰ ਪਿੱਛ ਪੰਧਰ ਤੇ ਯਤਨ ਕਰਨ ਦੀ ਲੋੜ ਹੈ। ਨੌਜਵਾਨਾਂ ਨੂੰ ਖੇਡਾਂ ਵੱਲ ਧਿਆਨ ਦੇਣਾ ਚਾਹੀਦਾ ਹੈ ਇਸ ਤੋਂ ਇਲਾਵਾ ਜ਼ਿਲ੍ਹਾ ਕਾਨੂੰਨੀ ਸੇਵਾਵਾਂ ਅਥਾਰਟੀ, ਸ਼ਹੀਦ ਭਗਤ ਸਿੰਘ ਨਗਰ ਦੀਆਂ ਟੀਮਾਂ ਵੱਲੋਂ ਯੂਥ ਅਗੇਂਸਟ ਡਰੱਗਜ਼ ਮੁਹਿੰਮ ਤਹਿਤ ਬੰਗਾਸਟਲ ਖੇਲ ਲੁਧਿਆਣਾ, ਪਿੰਡ ਲੰਗੜੋਆ, ਪਿੰਡ ਮਹਿਮਪੁਰ ਅਤੇ ਓਟ ਸੈਂਟਰ ਪੀ.ਐਚ.ਸੀ ਜਾਡਲਾ ਵਿਖੇ ਵੀ ਜਾਗਰੂਕਤਾ ਸੈਮੀਨਾਰ ਕਰਵਾਇਆ ਗਿਆ।
